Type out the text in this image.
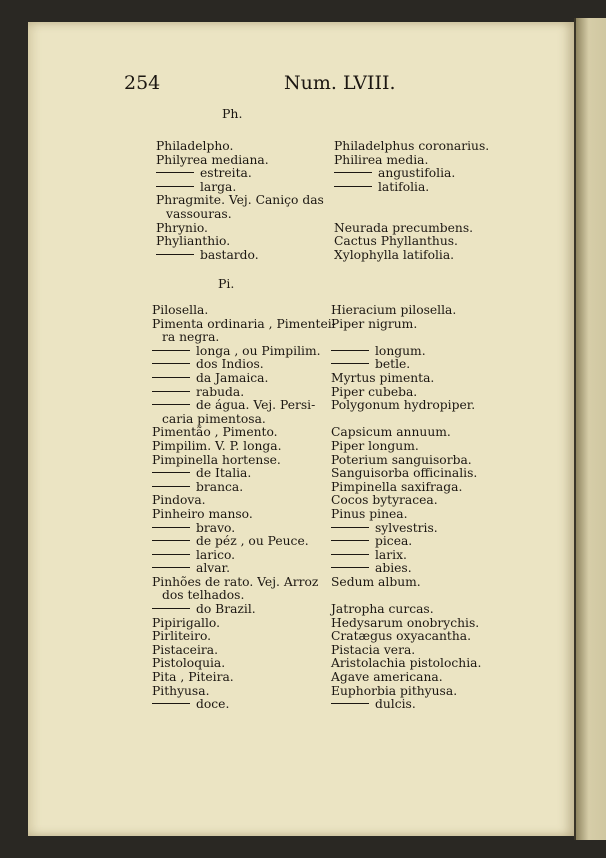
254	Num. LVIII.
Ph.
Philadelpho.
Philyrea mediana.
estreita.
larga.
Phragmite. Vej. Caniço das
vassouras.
Phrynio.
Phylianthio.
bastardo.
Philadelphus coronarius.
Philirea media.
angustifolia.
latifolia.
Neurada precumbens.
Cactus Phyllanthus.
Xylophylla latifolia.
Pi.
Pilosella.
Pimenta ordinaria , Pimentei-
ra negra.
longa , ou Pimpilim.
dos Indios.
da Jamaica.
rabuda.
de água. Vej. Persi-
caria pimentosa.
Pimentão , Pimento.
Pimpilim. V. P. longa.
Pimpinella hortense.
de Italia.
branca.
Pindova.
Pinheiro manso.
bravo.
de péz , ou Peuce.
larico.
alvar.
Pinhões de rato. Vej. Arroz
dos telhados.
do Brazil.
Pipirigallo.
Pirliteiro.
Pistaceira.
Pistoloquia.
Pita , Piteira.
Pithyusa.
doce.
Hieracium pilosella.
Piper nigrum.
longum.
betle.
Myrtus pimenta.
Piper cubeba.
Polygonum hydropiper.
Capsicum annuum.
Piper longum.
Poterium sanguisorba.
Sanguisorba officinalis.
Pimpinella saxifraga.
Cocos bytyracea.
Pinus pinea.
sylvestris.
picea.
larix.
abies.
Sedum album.
Jatropha curcas.
Hedysarum onobrychis.
Cratægus oxyacantha.
Pistacia vera.
Aristolachia pistolochia.
Agave americana.
Euphorbia pithyusa.
dulcis.
